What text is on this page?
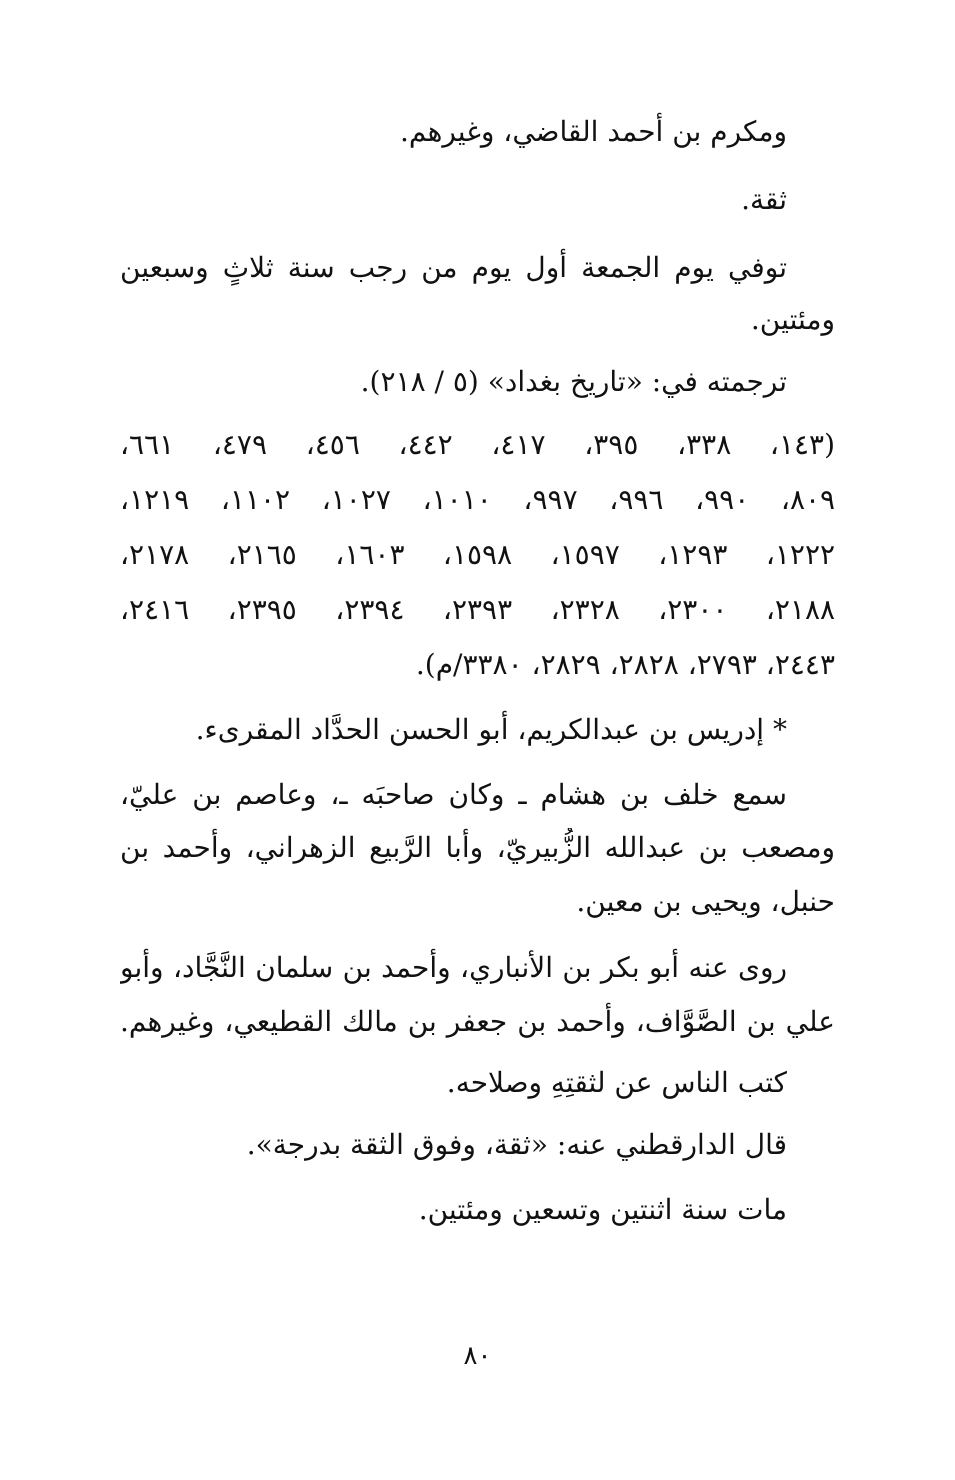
ومكرم بن أحمد القاضي، وغيرهم.
ثقة.
توفي يوم الجمعة أول يوم من رجب سنة ثلاثٍ وسبعين
ومئتين.
ترجمته في: «تاريخ بغداد» (٥ / ٢١٨).
(١٤٣، ٣٣٨، ٣٩٥، ٤١٧، ٤٤٢، ٤٥٦، ٤٧٩، ٦٦١،
٨٠٩، ٩٩٠، ٩٩٦، ٩٩٧، ١٠١٠، ١٠٢٧، ١١٠٢، ١٢١٩،
١٢٢٢، ١٢٩٣، ١٥٩٧، ١٥٩٨، ١٦٠٣، ٢١٦٥، ٢١٧٨،
٢١٨٨، ٢٣٠٠، ٢٣٢٨، ٢٣٩٣، ٢٣٩٤، ٢٣٩٥، ٢٤١٦،
٢٤٤٣، ٢٧٩٣، ٢٨٢٨، ٢٨٢٩، ٣٣٨٠/م).
* إدريس بن عبدالكريم، أبو الحسن الحدَّاد المقرىء.
سمع خلف بن هشام ـ وكان صاحبَه ـ، وعاصم بن عليّ،
ومصعب بن عبدالله الزُّبيريّ، وأبا الرَّبيع الزهراني، وأحمد بن
حنبل، ويحيى بن معين.
روى عنه أبو بكر بن الأنباري، وأحمد بن سلمان النَّجَّاد، وأبو
علي بن الصَّوَّاف، وأحمد بن جعفر بن مالك القطيعي، وغيرهم.
كتب الناس عن لثقتِهِ وصلاحه.
قال الدارقطني عنه: «ثقة، وفوق الثقة بدرجة».
مات سنة اثنتين وتسعين ومئتين.
٨٠
